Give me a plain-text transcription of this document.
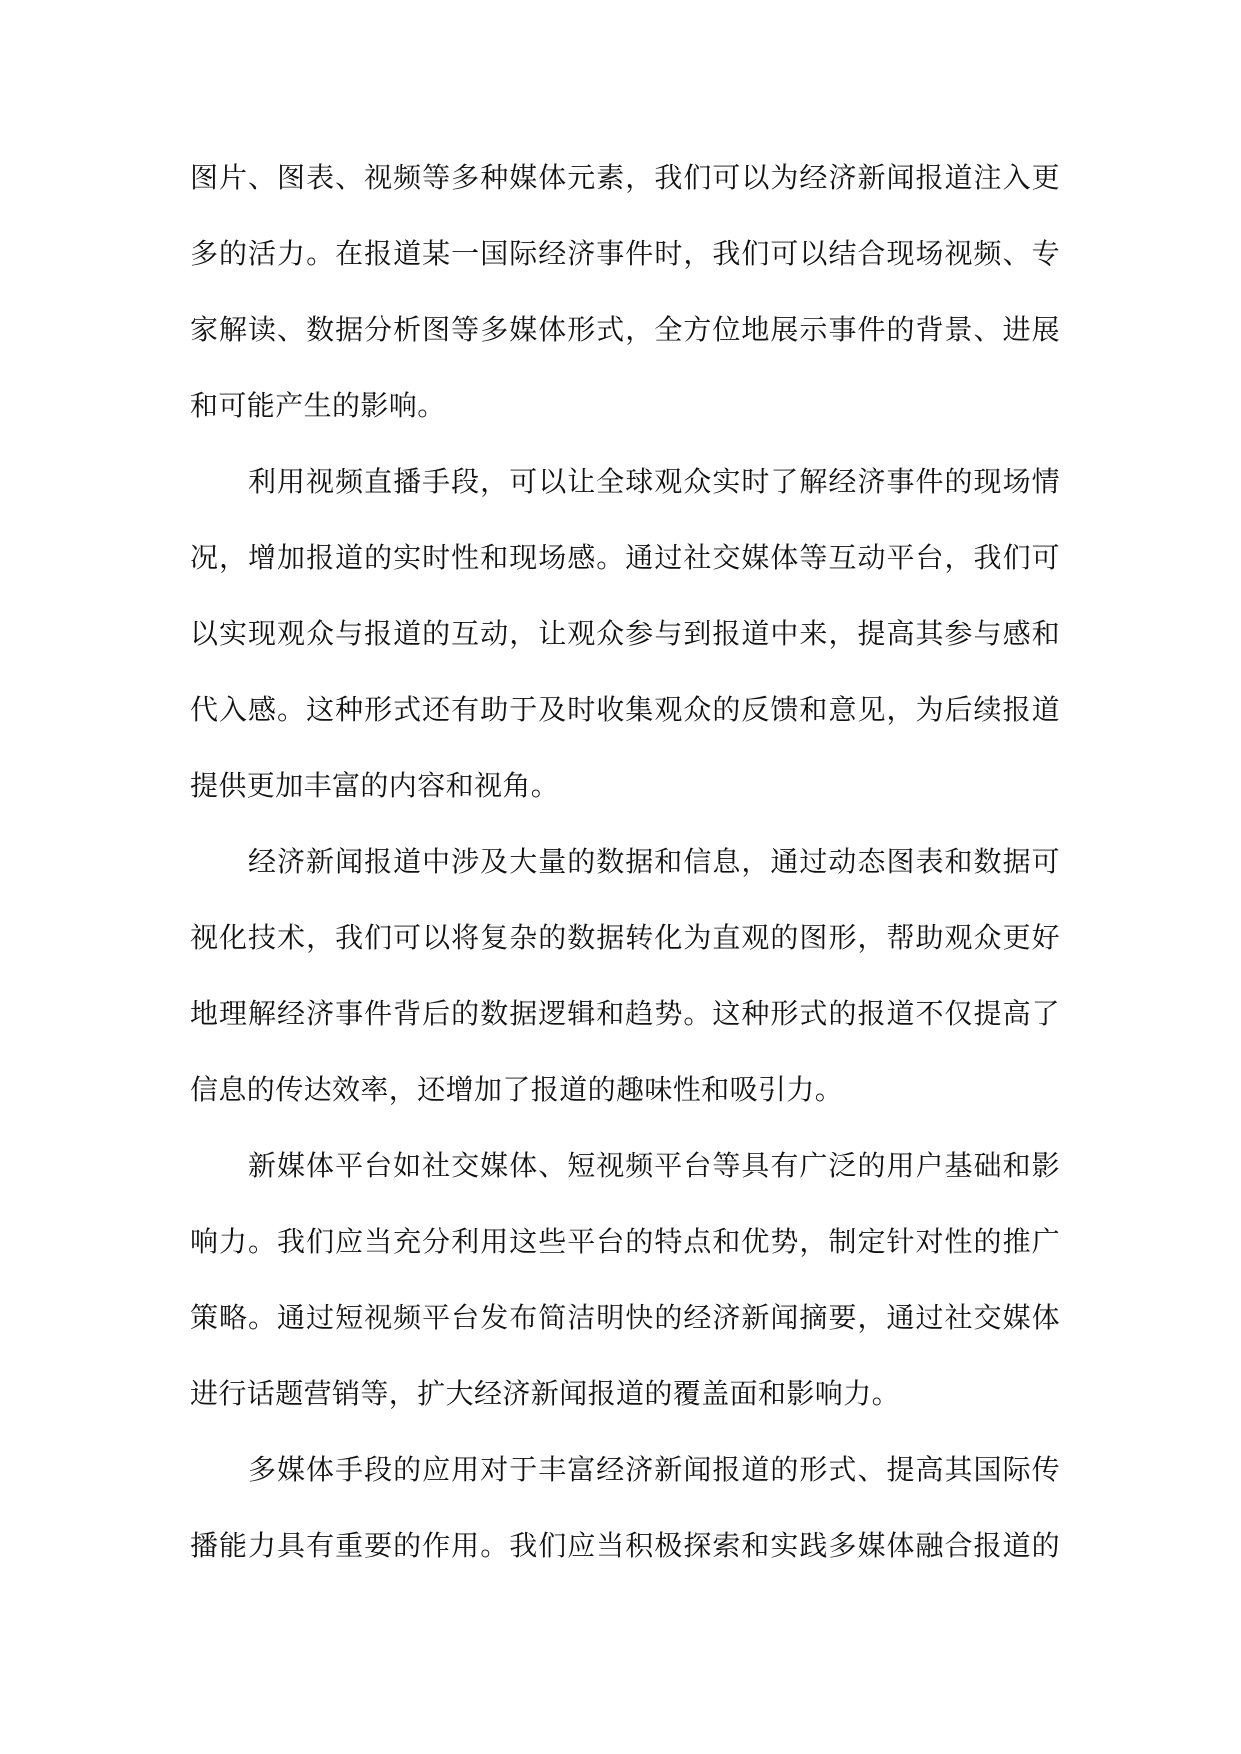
图片、图表、视频等多种媒体元素，我们可以为经济新闻报道注入更
多的活力。在报道某一国际经济事件时，我们可以结合现场视频、专
家解读、数据分析图等多媒体形式，全方位地展示事件的背景、进展
和可能产生的影响。
利用视频直播手段，可以让全球观众实时了解经济事件的现场情
况，增加报道的实时性和现场感。通过社交媒体等互动平台，我们可
以实现观众与报道的互动，让观众参与到报道中来，提高其参与感和
代入感。这种形式还有助于及时收集观众的反馈和意见，为后续报道
提供更加丰富的内容和视角。
经济新闻报道中涉及大量的数据和信息，通过动态图表和数据可
视化技术，我们可以将复杂的数据转化为直观的图形，帮助观众更好
地理解经济事件背后的数据逻辑和趋势。这种形式的报道不仅提高了
信息的传达效率，还增加了报道的趣味性和吸引力。
新媒体平台如社交媒体、短视频平台等具有广泛的用户基础和影
响力。我们应当充分利用这些平台的特点和优势，制定针对性的推广
策略。通过短视频平台发布简洁明快的经济新闻摘要，通过社交媒体
进行话题营销等，扩大经济新闻报道的覆盖面和影响力。
多媒体手段的应用对于丰富经济新闻报道的形式、提高其国际传
播能力具有重要的作用。我们应当积极探索和实践多媒体融合报道的
